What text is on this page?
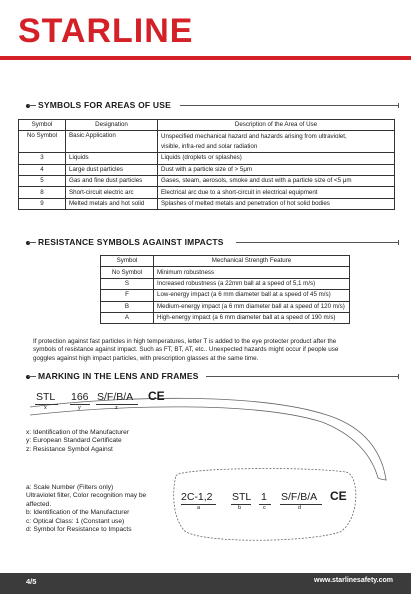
STARLINE
SYMBOLS FOR AREAS OF USE
Symbol	Designation	Description of the Area of Use
No Symbol	Basic Application	Unspecified mechanical hazard and hazards arising from ultraviolet,
		visible, infra-red and solar radiation
3	Liquids	Liquids (droplets or splashes)
4	Large dust particles	Dust with a particle size of > 5μm
5	Gas and fine dust particles	Gases, steam, aerosols, smoke and dust with a particle size of <5 μm
8	Short-circuit electric arc	Electrical arc due to a short-circuit in electrical equipment
9	Melted metals and hot solid	Splashes of melted metals and penetration of hot solid bodies
RESISTANCE SYMBOLS AGAINST IMPACTS
Symbol	Mechanical Strength Feature
No Symbol	Minimum robustness
S	Increased robustness (a 22mm ball at a speed of 5,1 m/s)
F	Low-energy impact (a 6 mm diameter ball at a speed of 45 m/s)
B	Medium-energy impact (a 6 mm diameter ball at a speed of 120 m/s)
A	High-energy impact (a 6 mm diameter ball at a speed of 190 m/s)
If protection against fast particles in high temperatures, letter T is added to the eye protecter product after the
symbols of resistance against impact. Such as FT, BT, AT, etc.. Unexpected hazards might occur if people use
goggles against high impact particles, with prescription glasses at the same time.
MARKING IN THE LENS AND FRAMES
STL 166 S/F/B/A CE
x	y	z
x: Identification of the Manufacturer
y: European Standard Certificate
z: Resistance Symbol Against
2C-1,2 STL 1 S/F/B/A CE
a	b	c	d
a: Scale Number (Filters only)
Ultraviolet filter, Color recognition may be
affected.
b: Identification of the Manufacturer
c: Optical Class: 1 (Constant use)
d: Symbol for Resistance to Impacts
4/5	www.starlinesafety.com
